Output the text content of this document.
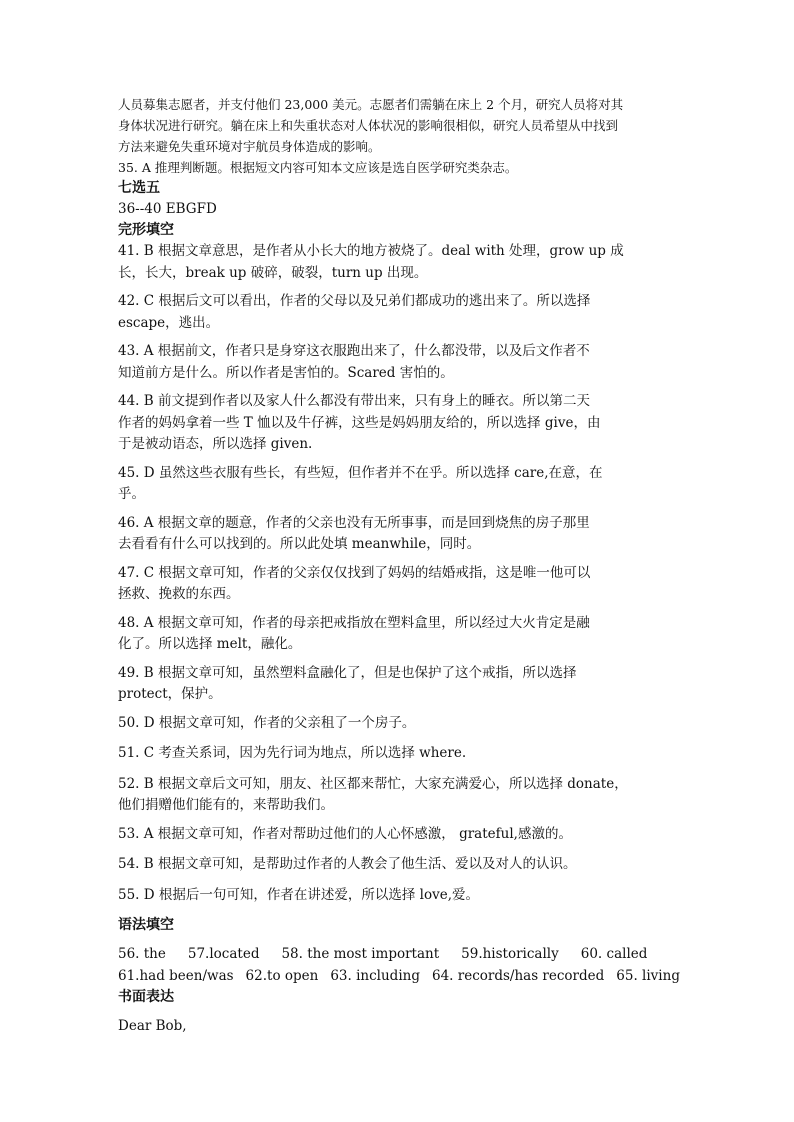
人员募集志愿者，并支付他们 23,000 美元。志愿者们需躺在床上 2 个月，研究人员将对其

身体状况进行研究。躺在床上和失重状态对人体状况的影响很相似，研究人员希望从中找到

方法来避免失重环境对宇航员身体造成的影响。

35. A 推理判断题。根据短文内容可知本文应该是选自医学研究类杂志。

七选五

36--40 EBGFD

完形填空

41. B 根据文章意思，是作者从小长大的地方被烧了。deal with 处理，grow up 成
长，长大，break up 破碎，破裂，turn up 出现。
42. C 根据后文可以看出，作者的父母以及兄弟们都成功的逃出来了。所以选择
escape，逃出。
43. A 根据前文，作者只是身穿这衣服跑出来了，什么都没带，以及后文作者不
知道前方是什么。所以作者是害怕的。Scared 害怕的。
44. B 前文提到作者以及家人什么都没有带出来，只有身上的睡衣。所以第二天
作者的妈妈拿着一些 T 恤以及牛仔裤，这些是妈妈朋友给的，所以选择 give，由
于是被动语态，所以选择 given.
45. D 虽然这些衣服有些长，有些短，但作者并不在乎。所以选择 care,在意，在
乎。
46. A 根据文章的题意，作者的父亲也没有无所事事，而是回到烧焦的房子那里
去看看有什么可以找到的。所以此处填 meanwhile，同时。
47. C 根据文章可知，作者的父亲仅仅找到了妈妈的结婚戒指，这是唯一他可以
拯救、挽救的东西。
48. A 根据文章可知，作者的母亲把戒指放在塑料盒里，所以经过大火肯定是融
化了。所以选择 melt，融化。
49. B 根据文章可知，虽然塑料盒融化了，但是也保护了这个戒指，所以选择
protect，保护。
50. D 根据文章可知，作者的父亲租了一个房子。
51. C 考查关系词，因为先行词为地点，所以选择 where.
52. B 根据文章后文可知，朋友、社区都来帮忙，大家充满爱心，所以选择 donate，
他们捐赠他们能有的，来帮助我们。
53. A 根据文章可知，作者对帮助过他们的人心怀感激， grateful,感激的。
54. B 根据文章可知，是帮助过作者的人教会了他生活、爱以及对人的认识。
55. D 根据后一句可知，作者在讲述爱，所以选择 love,爱。

语法填空

56. the 57.located 58. the most important 59.historically 60. called
61.had been/was 62.to open 63. including 64. records/has recorded 65. living

书面表达

Dear Bob,
